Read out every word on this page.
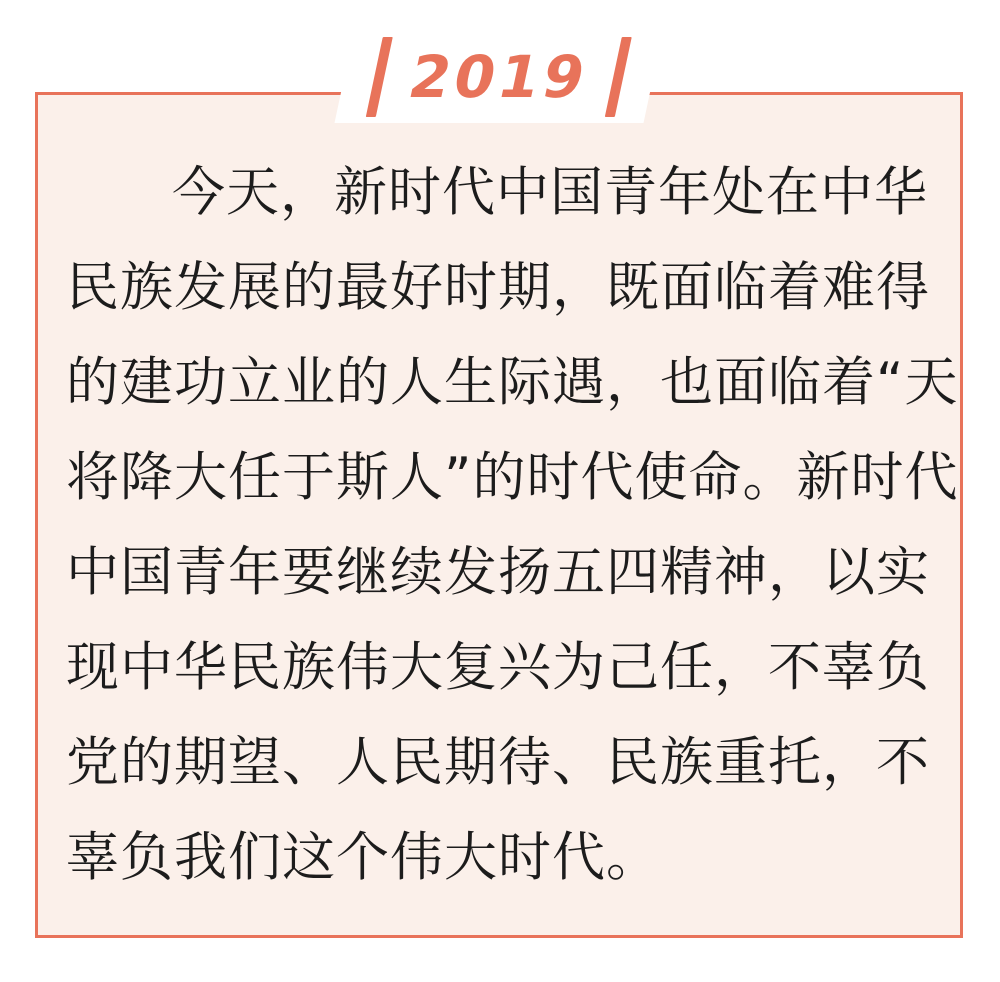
2019
今天，新时代中国青年处在中华
民族发展的最好时期，既面临着难得
的建功立业的人生际遇，也面临着“天
将降大任于斯人”的时代使命。新时代
中国青年要继续发扬五四精神，以实
现中华民族伟大复兴为己任，不辜负
党的期望、人民期待、民族重托，不
辜负我们这个伟大时代。
